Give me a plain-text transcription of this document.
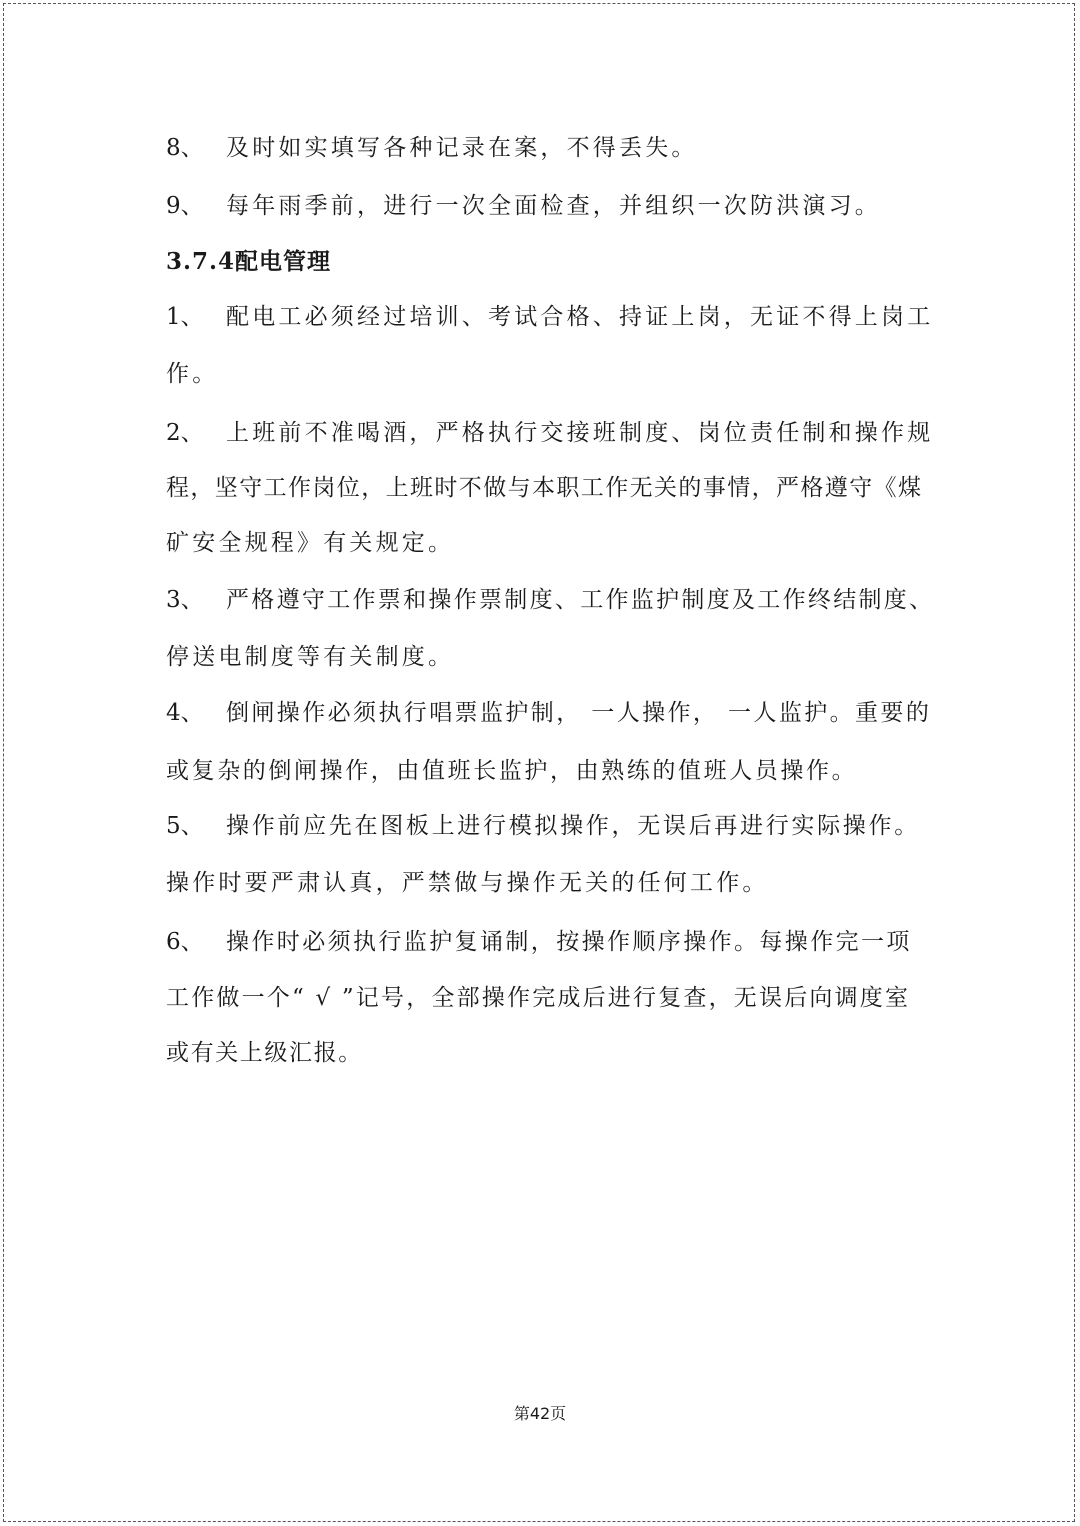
8、 及时如实填写各种记录在案，不得丢失。
9、 每年雨季前，进行一次全面检查，并组织一次防洪演习。
3.7.4配电管理
1、 配电工必须经过培训、考试合格、持证上岗，无证不得上岗工
作。
2、 上班前不准喝酒，严格执行交接班制度、岗位责任制和操作规
程，坚守工作岗位，上班时不做与本职工作无关的事情，严格遵守《煤
矿安全规程》有关规定。
3、 严格遵守工作票和操作票制度、工作监护制度及工作终结制度、
停送电制度等有关制度。
4、 倒闸操作必须执行唱票监护制， 一人操作， 一人监护。重要的
或复杂的倒闸操作，由值班长监护，由熟练的值班人员操作。
5、 操作前应先在图板上进行模拟操作，无误后再进行实际操作。
操作时要严肃认真，严禁做与操作无关的任何工作。
6、 操作时必须执行监护复诵制，按操作顺序操作。每操作完一项
工作做一个“ √ ”记号，全部操作完成后进行复查，无误后向调度室
或有关上级汇报。
第42页
